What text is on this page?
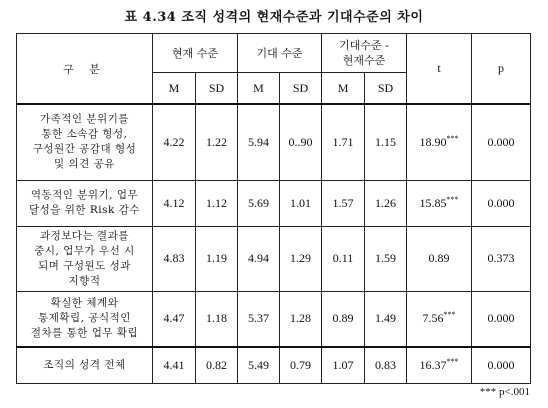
표 4.34 조직 성격의 현재수준과 기대수준의 차이
구 분	현재 수준		기대 수준		기대수준 -
현재수준		t	p
	M	SD	M	SD	M	SD		

가족적인 분위기를
통한 소속감 형성,
구성원간 공감대 형성
및 의견 공유	4.22	1.22	5.94	0..90	1.71	1.15	18.90***	0.000

역동적인 분위기, 업무
달성을 위한 Risk 감수	4.12	1.12	5.69	1.01	1.57	1.26	15.85***	0.000

과정보다는 결과를
중시, 업무가 우선 시
되며 구성원도 성과
지향적	4.83	1.19	4.94	1.29	0.11	1.59	0.89	0.373

확실한 체계와
통제확립, 공식적인
절차를 통한 업무 확립	4.47	1.18	5.37	1.28	0.89	1.49	7.56***	0.000

조직의 성격 전체	4.41	0.82	5.49	0.79	1.07	0.83	16.37***	0.000
*** p<.001
